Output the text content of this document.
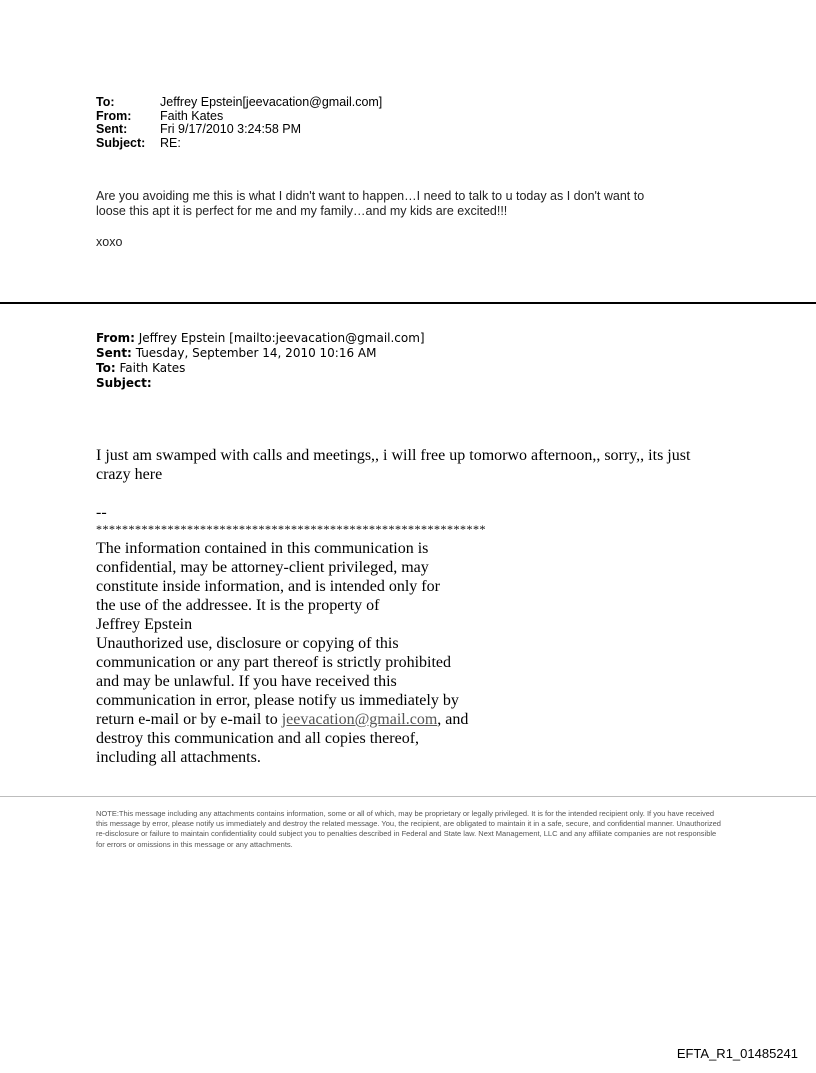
To:	Jeffrey Epstein[jeevacation@gmail.com]
From:	Faith Kates
Sent:	Fri 9/17/2010 3:24:58 PM
Subject:	RE:

Are you avoiding me this is what I didn't want to happen…I need to talk to u today as I don't want to
loose this apt it is perfect for me and my family…and my kids are excited!!!

xoxo

From: Jeffrey Epstein [mailto:jeevacation@gmail.com]
Sent: Tuesday, September 14, 2010 10:16 AM
To: Faith Kates
Subject:

I just am swamped with calls and meetings,, i will free up tomorwo afternoon,, sorry,, its just
crazy here

--
************************************************************
The information contained in this communication is
confidential, may be attorney-client privileged, may
constitute inside information, and is intended only for
the use of the addressee. It is the property of
Jeffrey Epstein
Unauthorized use, disclosure or copying of this
communication or any part thereof is strictly prohibited
and may be unlawful. If you have received this
communication in error, please notify us immediately by
return e-mail or by e-mail to jeevacation@gmail.com, and
destroy this communication and all copies thereof,
including all attachments.
NOTE:This message including any attachments contains information, some or all of which, may be proprietary or legally privileged. It is for the intended recipient only. If you have received this message by error, please notify us immediately and destroy the related message. You, the recipient, are obligated to maintain it in a safe, secure, and confidential manner. Unauthorized re-disclosure or failure to maintain confidentiality could subject you to penalties described in Federal and State law. Next Management, LLC and any affiliate companies are not responsible for errors or omissions in this message or any attachments.
EFTA_R1_01485241
